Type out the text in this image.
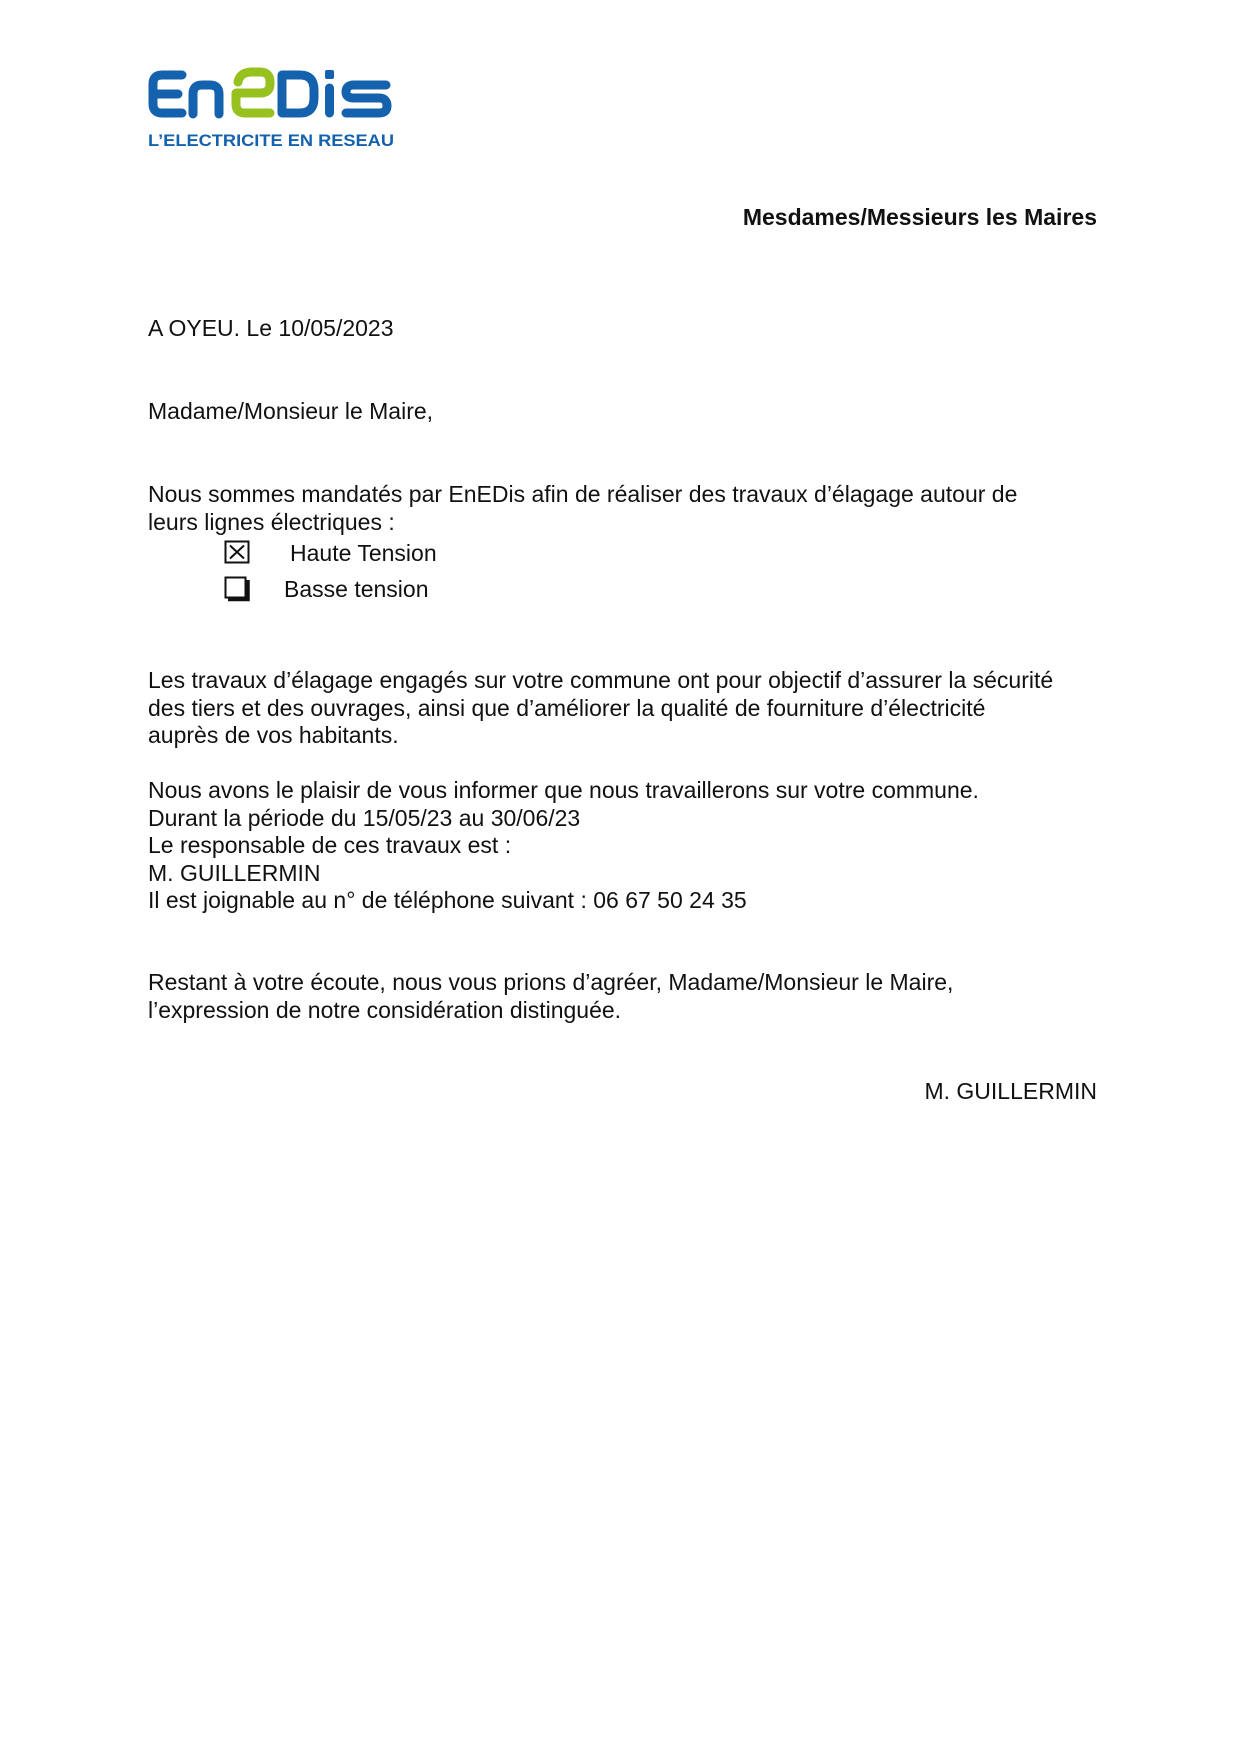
L’ELECTRICITE EN RESEAU
Mesdames/Messieurs les Maires
A OYEU. Le 10/05/2023
Madame/Monsieur le Maire,
Nous sommes mandatés par EnEDis afin de réaliser des travaux d’élagage autour de
leurs lignes électriques :
Haute Tension
Basse tension
Les travaux d’élagage engagés sur votre commune ont pour objectif d’assurer la sécurité
des tiers et des ouvrages, ainsi que d’améliorer la qualité de fourniture d’électricité
auprès de vos habitants.
Nous avons le plaisir de vous informer que nous travaillerons sur votre commune.
Durant la période du 15/05/23 au 30/06/23
Le responsable de ces travaux est :
M. GUILLERMIN
Il est joignable au n° de téléphone suivant : 06 67 50 24 35
Restant à votre écoute, nous vous prions d’agréer, Madame/Monsieur le Maire,
l’expression de notre considération distinguée.
M. GUILLERMIN
